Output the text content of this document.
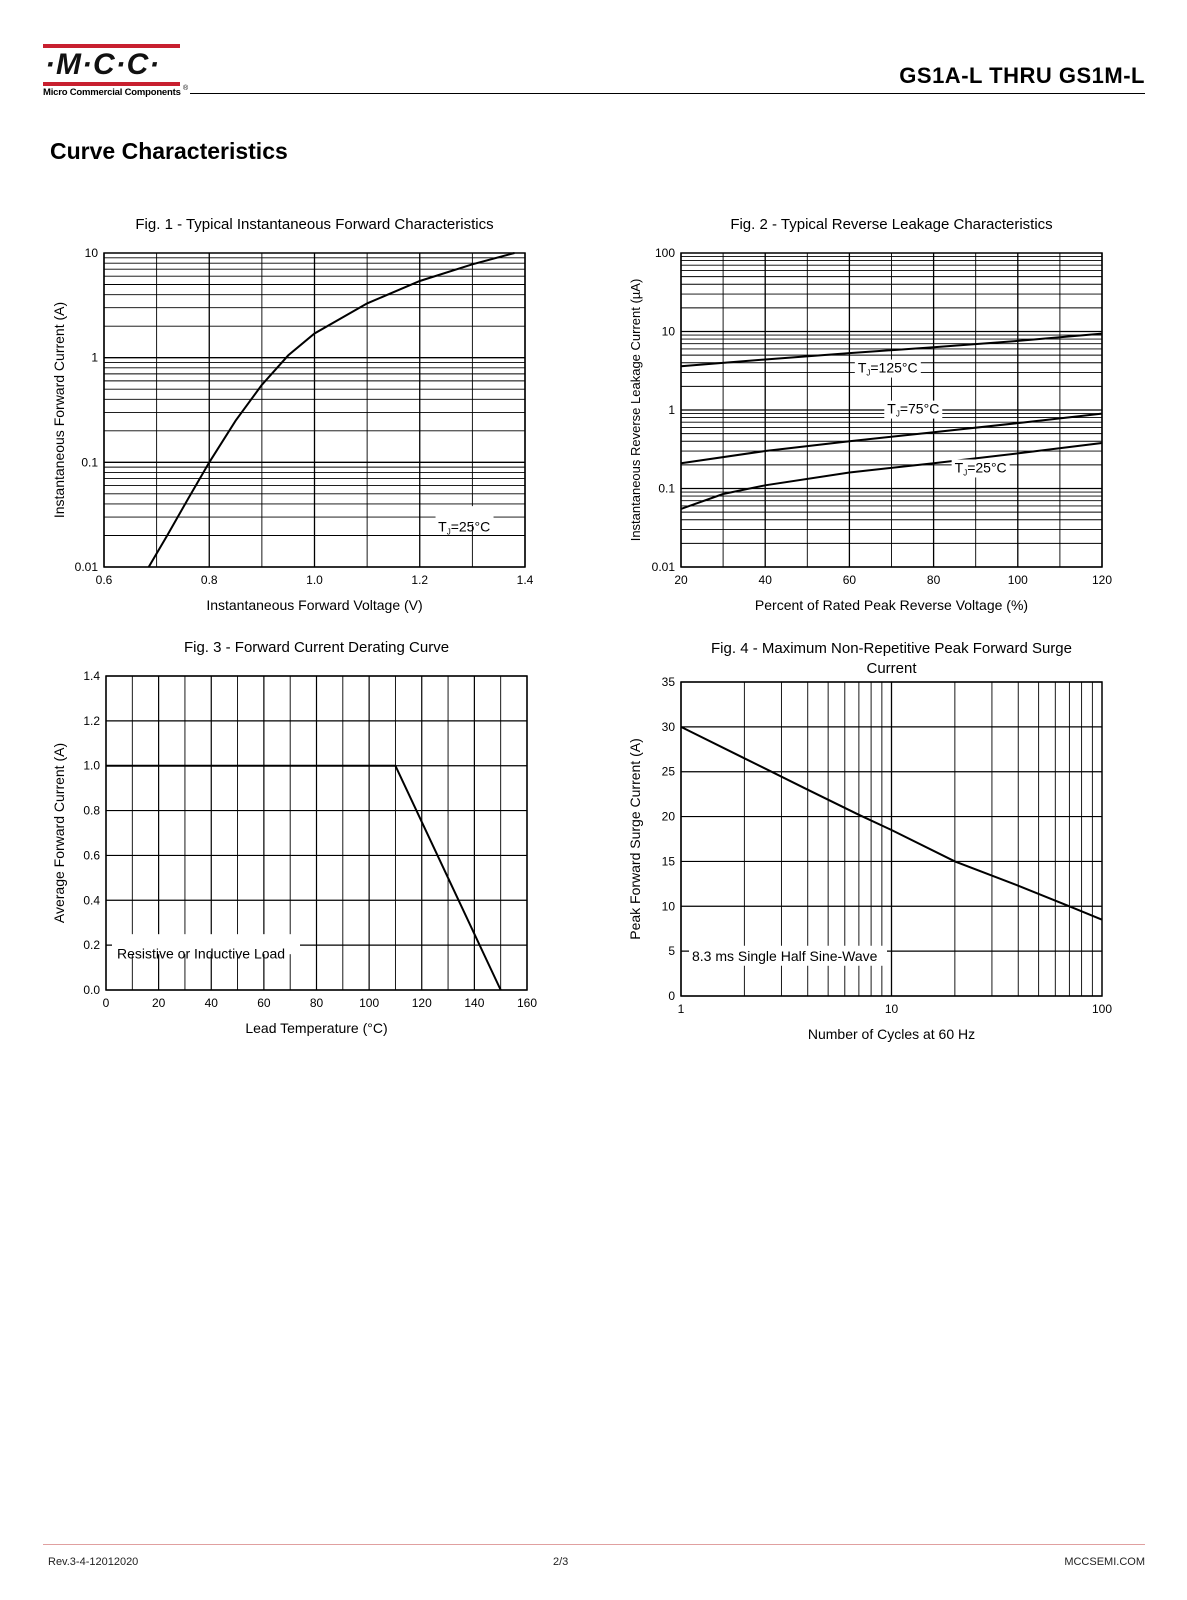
·M·C·C·
Micro Commercial Components ®
GS1A-L THRU GS1M-L
Curve Characteristics
Fig. 1 - Typical Instantaneous Forward Characteristics
0.6	0.8	1.0	1.2	1.4
0.01
0.1
1
10
Instantaneous Forward Voltage (V)
Instantaneous Forward Current (A)
$T_J=25^\circ C$
Fig. 2 - Typical Reverse Leakage Characteristics
20	40	60	80	100	120
0.01
0.1
1
10
100
Percent of Rated Peak Reverse Voltage (%)
Instantaneous Reverse Leakage Current (µA)	$T_J=125^\circ C$
$T_J=75^\circ C$
$T_J=25^\circ C$
Fig. 3 - Forward Current Derating Curve
0	20	40	60	80	100	120	140	160
0.0
0.2
0.4
0.6
0.8
1.0
1.2
1.4
Lead Temperature (°C)
Average Forward Current (A)
Resistive or Inductive Load
Fig. 4 - Maximum Non-Repetitive Peak Forward Surge
Current
1	10	100
0
5
10
15
20
25
30
35
Number of Cycles at 60 Hz
Peak Forward Surge Current (A)
8.3 ms Single Half Sine-Wave
Rev.3-4-12012020	2/3	MCCSEMI.COM
